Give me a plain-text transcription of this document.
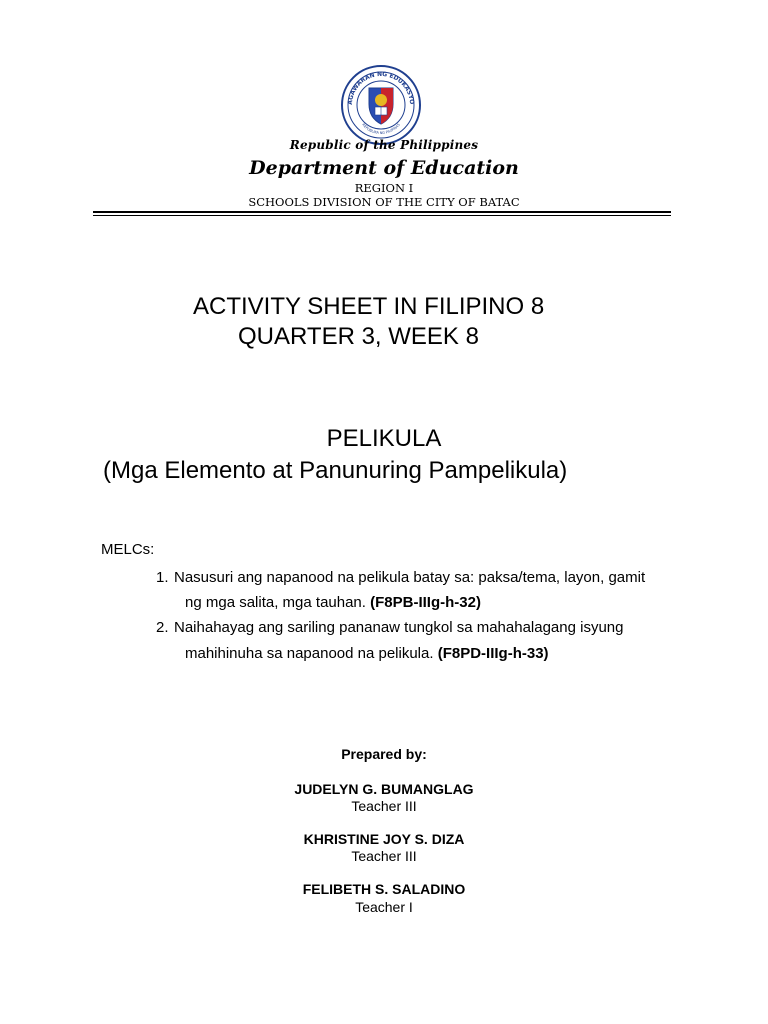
AGAWARAN NG EDUKASYO
REPUBLIKA NG PILIPINAS
Republic of the Philippines
Department of Education
REGION I
SCHOOLS DIVISION OF THE CITY OF BATAC
ACTIVITY SHEET IN FILIPINO 8
QUARTER 3, WEEK 8
PELIKULA
(Mga Elemento at Panunuring Pampelikula)
MELCs:
1. Nasusuri ang napanood na pelikula batay sa: paksa/tema, layon, gamit
ng mga salita, mga tauhan. (F8PB-IIIg-h-32)
2. Naihahayag ang sariling pananaw tungkol sa mahahalagang isyung
mahihinuha sa napanood na pelikula. (F8PD-IIIg-h-33)
Prepared by:
JUDELYN G. BUMANGLAG
Teacher III
KHRISTINE JOY S. DIZA
Teacher III
FELIBETH S. SALADINO
Teacher I
